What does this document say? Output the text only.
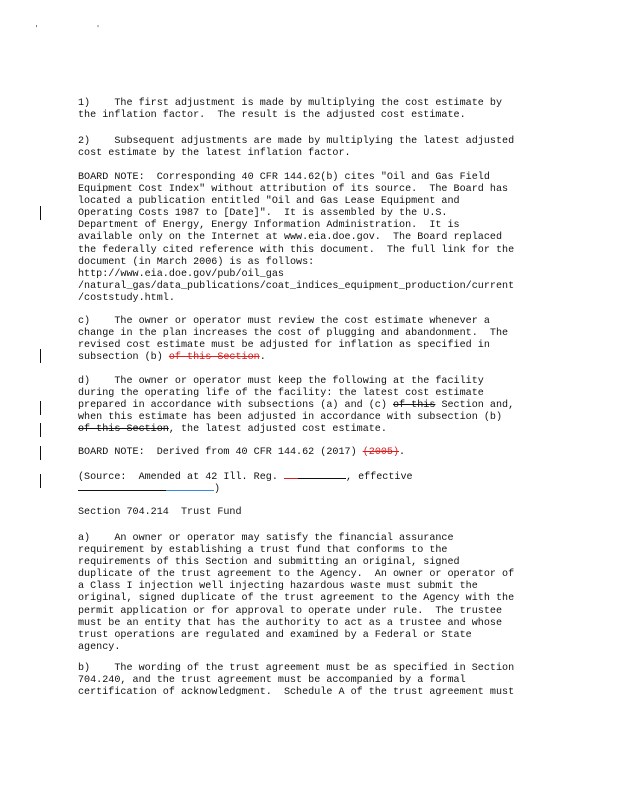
' '
1)    The first adjustment is made by multiplying the cost estimate by
the inflation factor.  The result is the adjusted cost estimate.
2)    Subsequent adjustments are made by multiplying the latest adjusted
cost estimate by the latest inflation factor.
BOARD NOTE:  Corresponding 40 CFR 144.62(b) cites "Oil and Gas Field
Equipment Cost Index" without attribution of its source.  The Board has
located a publication entitled "Oil and Gas Lease Equipment and
Operating Costs 1987 to [Date]".  It is assembled by the U.S.
Department of Energy, Energy Information Administration.  It is
available only on the Internet at www.eia.doe.gov.  The Board replaced
the federally cited reference with this document.  The full link for the
document (in March 2006) is as follows:
http://www.eia.doe.gov/pub/oil_gas
/natural_gas/data_publications/coat_indices_equipment_production/current
/coststudy.html.
c)    The owner or operator must review the cost estimate whenever a
change in the plan increases the cost of plugging and abandonment.  The
revised cost estimate must be adjusted for inflation as specified in
subsection (b) of this Section.
d)    The owner or operator must keep the following at the facility
during the operating life of the facility: the latest cost estimate
prepared in accordance with subsections (a) and (c) of this Section and,
when this estimate has been adjusted in accordance with subsection (b)
of this Section, the latest adjusted cost estimate.
BOARD NOTE:  Derived from 40 CFR 144.62 (2017) (2005).
(Source:  Amended at 42 Ill. Reg.	, effective
)
Section 704.214  Trust Fund
a)    An owner or operator may satisfy the financial assurance
requirement by establishing a trust fund that conforms to the
requirements of this Section and submitting an original, signed
duplicate of the trust agreement to the Agency.  An owner or operator of
a Class I injection well injecting hazardous waste must submit the
original, signed duplicate of the trust agreement to the Agency with the
permit application or for approval to operate under rule.  The trustee
must be an entity that has the authority to act as a trustee and whose
trust operations are regulated and examined by a Federal or State
agency.
b)    The wording of the trust agreement must be as specified in Section
704.240, and the trust agreement must be accompanied by a formal
certification of acknowledgment.  Schedule A of the trust agreement must
